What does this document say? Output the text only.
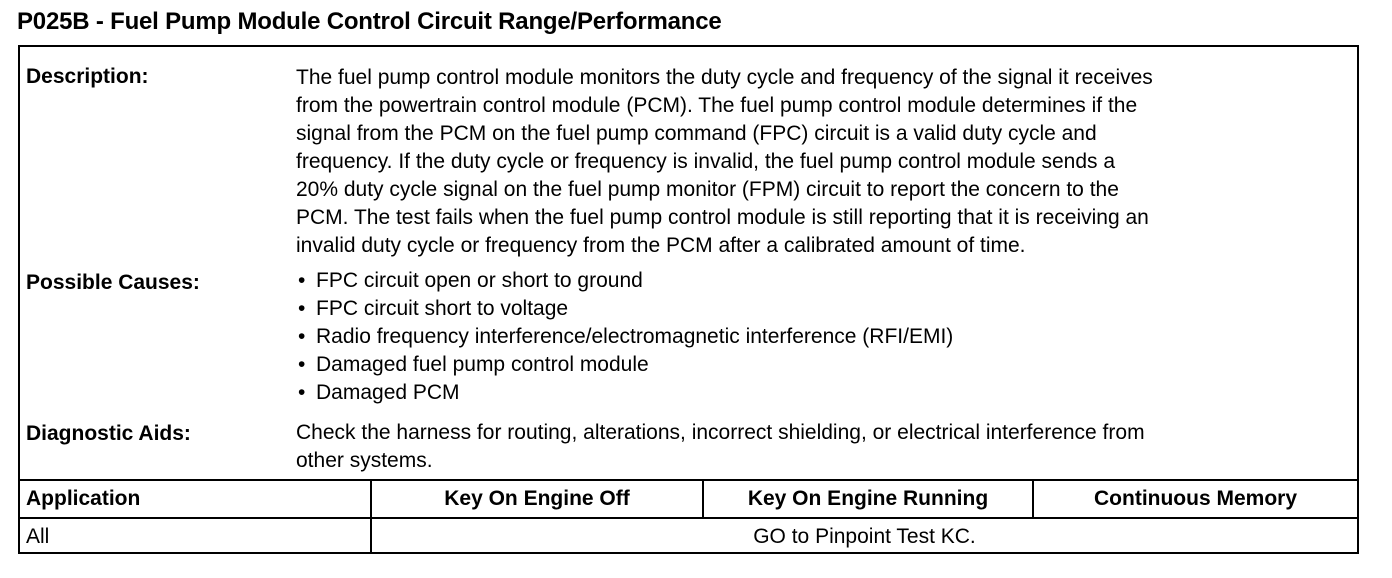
P025B - Fuel Pump Module Control Circuit Range/Performance
Description:	The fuel pump control module monitors the duty cycle and frequency of the signal it receives
from the powertrain control module (PCM). The fuel pump control module determines if the
signal from the PCM on the fuel pump command (FPC) circuit is a valid duty cycle and
frequency. If the duty cycle or frequency is invalid, the fuel pump control module sends a
20% duty cycle signal on the fuel pump monitor (FPM) circuit to report the concern to the
PCM. The test fails when the fuel pump control module is still reporting that it is receiving an
invalid duty cycle or frequency from the PCM after a calibrated amount of time.
Possible Causes:
•	FPC circuit open or short to ground
• FPC circuit short to voltage
• Radio frequency interference/electromagnetic interference (RFI/EMI)
• Damaged fuel pump control module
• Damaged PCM
Diagnostic Aids:	Check the harness for routing, alterations, incorrect shielding, or electrical interference from
other systems.
Application	Key On Engine Off	Key On Engine Running	Continuous Memory
All	GO to Pinpoint Test KC.
